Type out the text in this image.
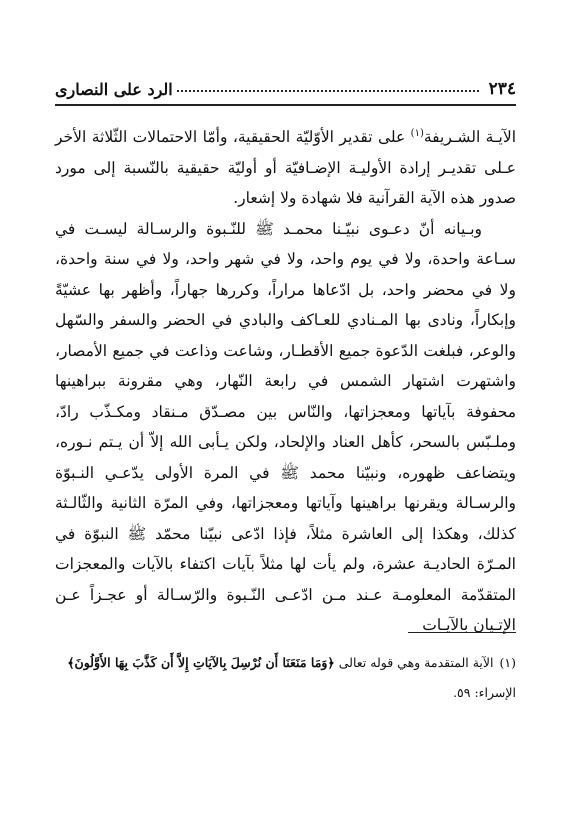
٢٣٤
الرد على النصارى

الآيـة الشـريفة$^{(١)}$ على تقدير الأوّليّة الحقيقية، وأمّا الاحتمالات الثّلاثة الأخر عـلى تقديـر إرادة الأوليـة الإضـافيّة أو أوليّة حقيقية بالنّسبة إلى مورد صدور هذه الآية القرآنية فلا شهادة ولا إشعار.

وبـيانه أنّ دعـوى نبيّـنا محمـد ﷺ للنّـبوة والرسـالة ليسـت في سـاعة واحدة، ولا في يوم واحد، ولا في شهر واحد، ولا في سنة واحدة، ولا في محضر واحد، بل ادّعاها مراراً، وكررها جهاراً، وأظهر بها عشيّةً وإبكاراً، ونادى بها المـنادي للعـاكف والبادي في الحضر والسفر والسّهل والوعر، فبلغت الدّعوة جميع الأقطـار، وشاعت وذاعت في جميع الأمصار، واشتهرت اشتهار الشمس في رابعة النّهار، وهي مقرونة ببراهينها محفوفة بآياتها ومعجزاتها، والنّاس بين مصـدّق مـنقاد ومكـذّب رادّ، وملـبّس بالسحر، كأهل العناد والإلحاد، ولكن يـأبى الله إلاّ أن يـتم نـوره، ويتضاعف ظهوره، ونبيّنا محمد ﷺ في المرة الأولى يدّعـي النـبوّة والرسـالة ويقرنها براهينها وآياتها ومعجزاتها، وفي المرّة الثانية والثّالـثة كذلك، وهكذا إلى العاشرة مثلاً، فإذا ادّعى نبيّنا محمّد ﷺ النبوّة في المـرّة الحاديـة عشرة، ولم يأت لها مثلاً بآيات اكتفاء بالآيات والمعجزات المتقدّمة المعلومـة عـند مـن ادّعـى النّـبوة والرّسـالة أو عجـزاً عـن الإتـيان بالآيـات

(١)الآية المتقدمة وهي قوله تعالى ﴿وَمَا مَنَعَنَا أَن نُرْسِلَ بِالآيَاتِ إِلاَّ أَن كَذَّبَ بِهَا الأَوَّلُونَ﴾

الإسراء: ٥٩.
